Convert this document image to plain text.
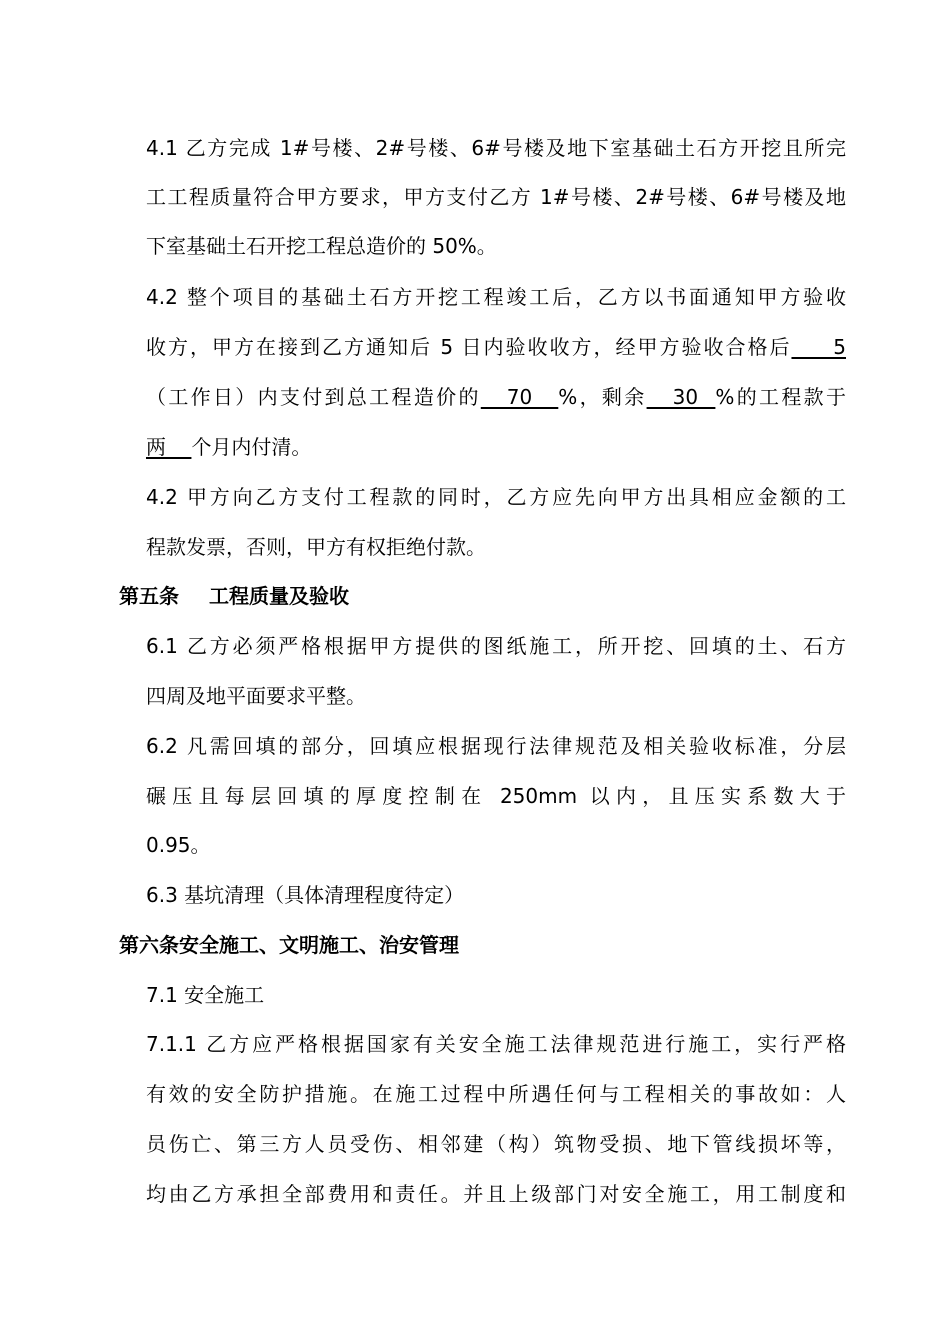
4.1 乙方完成 1#号楼、2#号楼、6#号楼及地下室基础土石方开挖且所完
工工程质量符合甲方要求，甲方支付乙方 1#号楼、2#号楼、6#号楼及地
下室基础土石开挖工程总造价的 50%。
4.2 整个项目的基础土石方开挖工程竣工后，乙方以书面通知甲方验收
收方，甲方在接到乙方通知后 5 日内验收收方，经甲方验收合格后     5
（工作日）内支付到总工程造价的   70   %，剩余   30  %的工程款于
两    个月内付清。
4.2 甲方向乙方支付工程款的同时，乙方应先向甲方出具相应金额的工
程款发票，否则，甲方有权拒绝付款。
第五条 工程质量及验收
6.1 乙方必须严格根据甲方提供的图纸施工，所开挖、回填的土、石方
四周及地平面要求平整。
6.2 凡需回填的部分，回填应根据现行法律规范及相关验收标准，分层
碾压且每层回填的厚度控制在 250mm 以内，且压实系数大于
0.95。
6.3 基坑清理（具体清理程度待定）
第六条安全施工、文明施工、治安管理
7.1 安全施工
7.1.1 乙方应严格根据国家有关安全施工法律规范进行施工，实行严格
有效的安全防护措施。在施工过程中所遇任何与工程相关的事故如：人
员伤亡、第三方人员受伤、相邻建（构）筑物受损、地下管线损坏等，
均由乙方承担全部费用和责任。并且上级部门对安全施工，用工制度和
